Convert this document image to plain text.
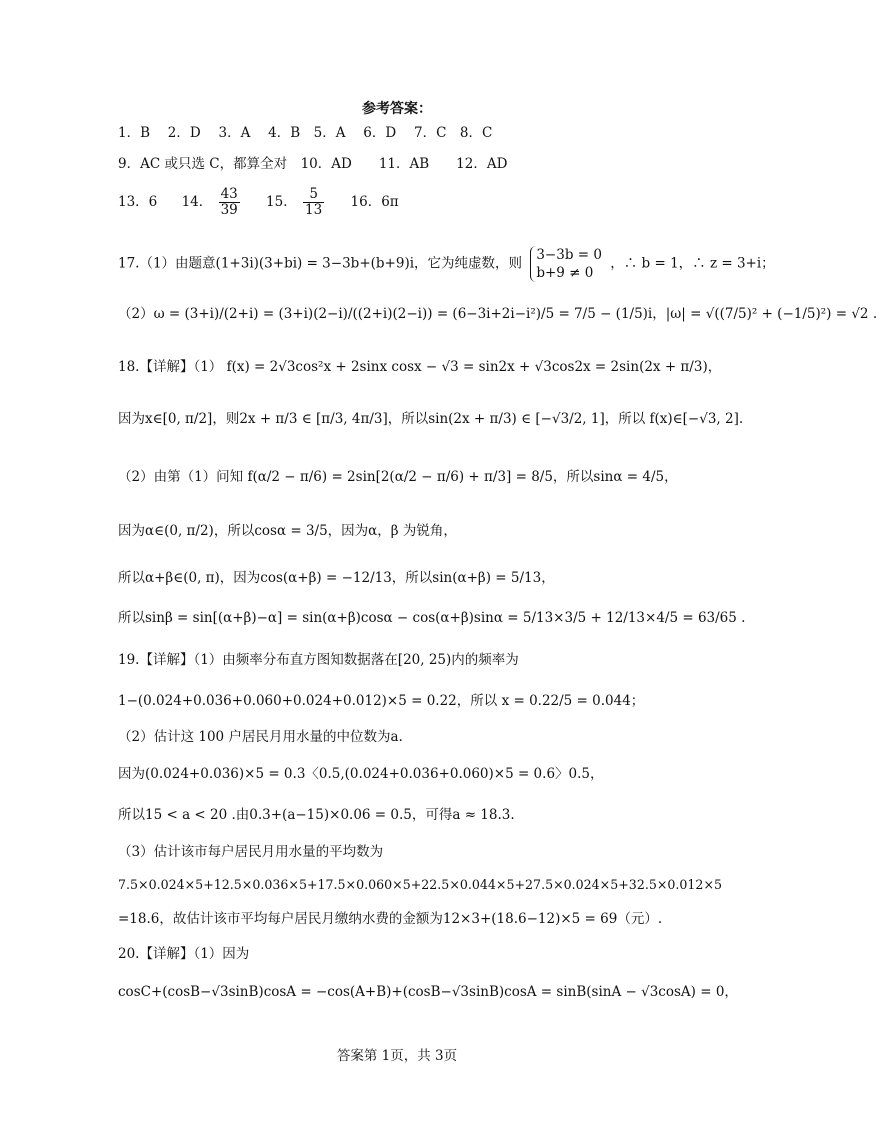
参考答案：
1．B　 2．D　 3．A　 4．B　5．A　 6．D　 7．C　8．C
9．AC 或只选 C，都算全对　10．AD　　11．AB　　12．AD
13．6 14． $\frac{43}{39} 15$． $\frac{5}{13} 16$．6π
17.（1）由题意(1+3i)(3+bi) = 3−3b+(b+9)i，它为纯虚数，则
3−3b = 0
b+9 ≠ 0
，∴ b = 1，∴ z = 3+i；
（2）ω = (3+i)/(2+i) = (3+i)(2−i)/((2+i)(2−i)) = (6−3i+2i−i²)/5 = 7/5 − (1/5)i，|ω| = √((7/5)² + (−1/5)²) = √2 .
18.【详解】（1） f(x) = 2√3cos²x + 2sinx cosx − √3 = sin2x + √3cos2x = 2sin(2x + π/3)，
因为x∈[0, π/2]，则2x + π/3 ∈ [π/3, 4π/3]，所以sin(2x + π/3) ∈ [−√3/2, 1]，所以 f(x)∈[−√3, 2].
（2）由第（1）问知 f(α/2 − π/6) = 2sin[2(α/2 − π/6) + π/3] = 8/5，所以sinα = 4/5，
因为α∈(0, π/2)，所以cosα = 3/5，因为α，β 为锐角，
所以α+β∈(0, π)，因为cos(α+β) = −12/13，所以sin(α+β) = 5/13，
所以sinβ = sin[(α+β)−α] = sin(α+β)cosα − cos(α+β)sinα = 5/13×3/5 + 12/13×4/5 = 63/65 .
19.【详解】（1）由频率分布直方图知数据落在[20, 25)内的频率为
1−(0.024+0.036+0.060+0.024+0.012)×5 = 0.22，所以 x = 0.22/5 = 0.044；
（2）估计这 100 户居民月用水量的中位数为a.
因为(0.024+0.036)×5 = 0.3〈0.5,(0.024+0.036+0.060)×5 = 0.6〉0.5，
所以15 < a < 20 .由0.3+(a−15)×0.06 = 0.5，可得a ≈ 18.3.
（3）估计该市每户居民月用水量的平均数为
7.5×0.024×5+12.5×0.036×5+17.5×0.060×5+22.5×0.044×5+27.5×0.024×5+32.5×0.012×5
=18.6，故估计该市平均每户居民月缴纳水费的金额为12×3+(18.6−12)×5 = 69（元）.
20.【详解】（1）因为
cosC+(cosB−√3sinB)cosA = −cos(A+B)+(cosB−√3sinB)cosA = sinB(sinA − √3cosA) = 0，
答案第 1页，共 3页
